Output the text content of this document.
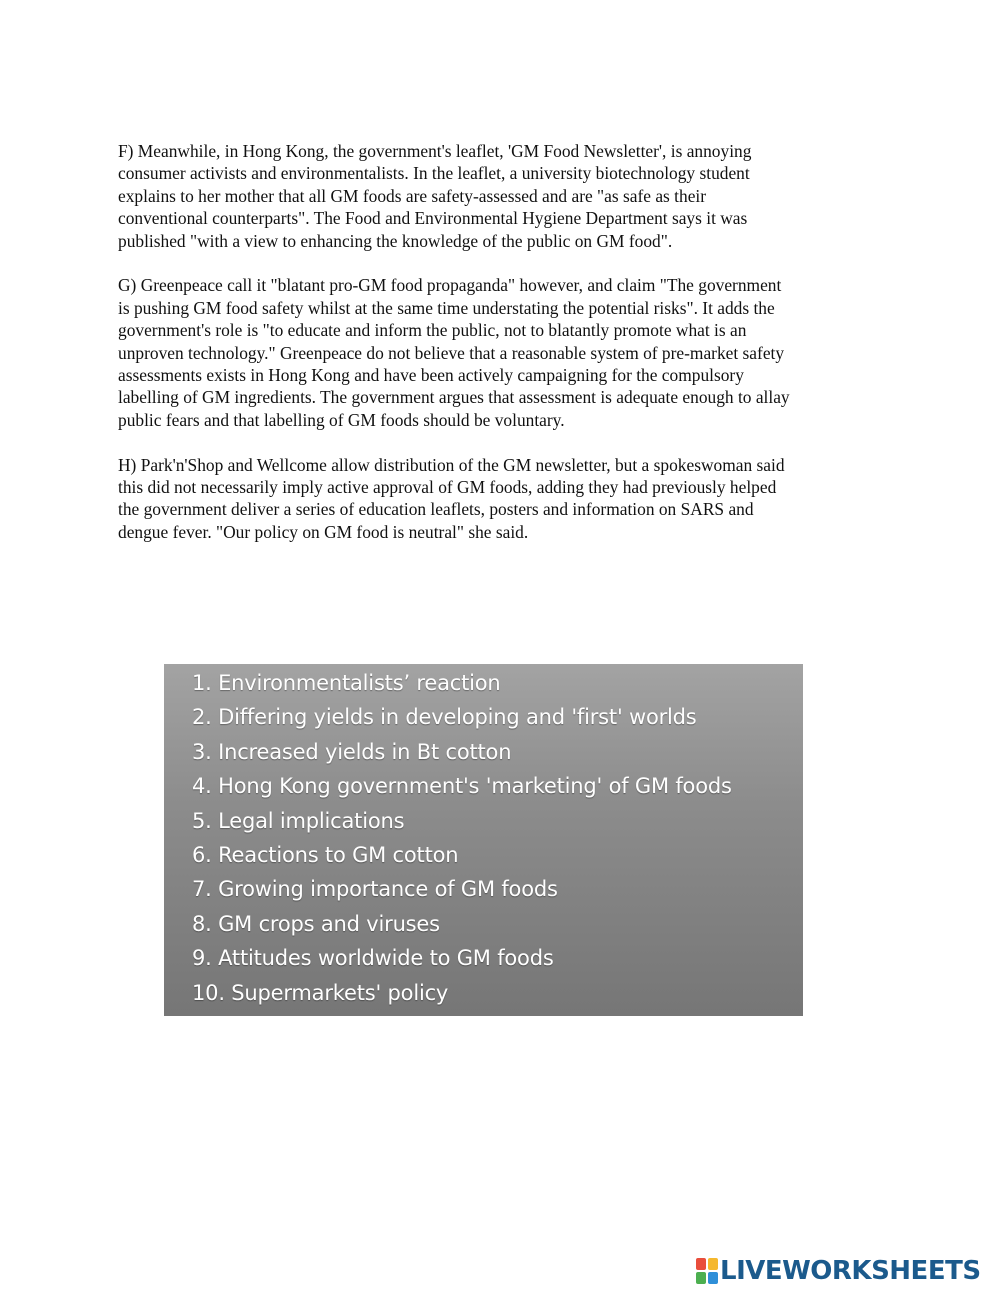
F) Meanwhile, in Hong Kong, the government's leaflet, 'GM Food Newsletter', is annoying
consumer activists and environmentalists. In the leaflet, a university biotechnology student
explains to her mother that all GM foods are safety-assessed and are "as safe as their
conventional counterparts". The Food and Environmental Hygiene Department says it was
published "with a view to enhancing the knowledge of the public on GM food".

G) Greenpeace call it "blatant pro-GM food propaganda" however, and claim "The government
is pushing GM food safety whilst at the same time understating the potential risks". It adds the
government's role is "to educate and inform the public, not to blatantly promote what is an
unproven technology." Greenpeace do not believe that a reasonable system of pre-market safety
assessments exists in Hong Kong and have been actively campaigning for the compulsory
labelling of GM ingredients. The government argues that assessment is adequate enough to allay
public fears and that labelling of GM foods should be voluntary.

H) Park'n'Shop and Wellcome allow distribution of the GM newsletter, but a spokeswoman said
this did not necessarily imply active approval of GM foods, adding they had previously helped
the government deliver a series of education leaflets, posters and information on SARS and
dengue fever. "Our policy on GM food is neutral" she said.

1. Environmentalists’ reaction
2. Differing yields in developing and 'first' worlds
3. Increased yields in Bt cotton
4. Hong Kong government's 'marketing' of GM foods
5. Legal implications
6. Reactions to GM cotton
7. Growing importance of GM foods
8. GM crops and viruses
9. Attitudes worldwide to GM foods
10. Supermarkets' policy
LIVEWORKSHEETS
